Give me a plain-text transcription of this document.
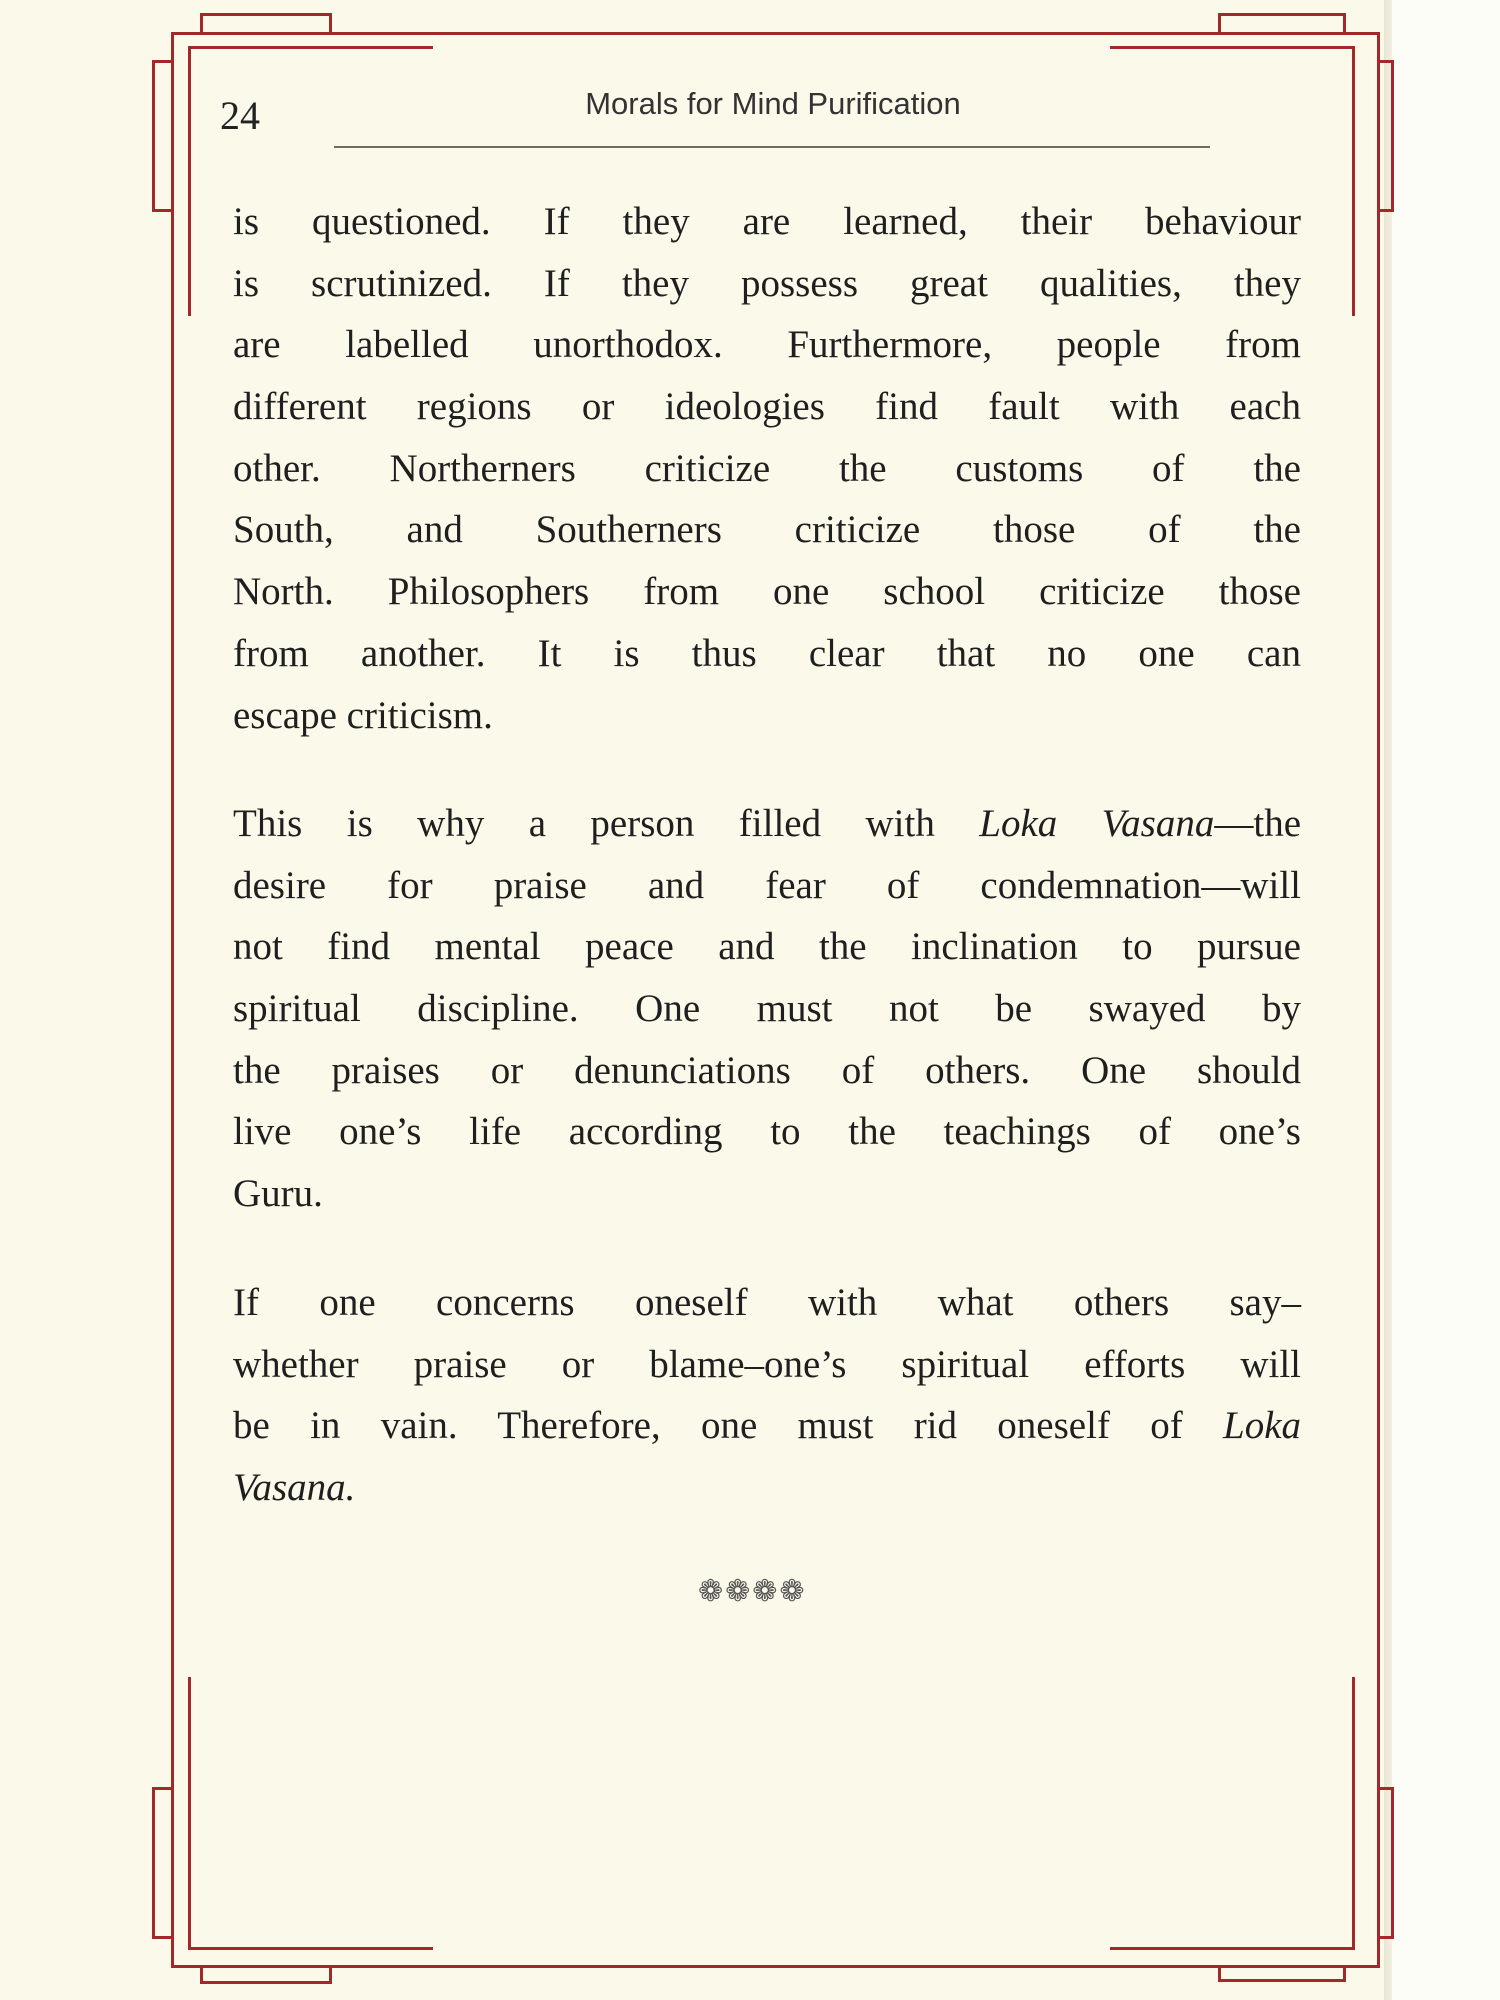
24	Morals for Mind Purification
is questioned. If they are learned, their behaviour
is scrutinized. If they possess great qualities, they
are labelled unorthodox. Furthermore, people from
different regions or ideologies find fault with each
other. Northerners criticize the customs of the
South, and Southerners criticize those of the
North. Philosophers from one school criticize those
from another. It is thus clear that no one can
escape criticism.
This is why a person filled with Loka Vasana—the
desire for praise and fear of condemnation—will
not find mental peace and the inclination to pursue
spiritual discipline. One must not be swayed by
the praises or denunciations of others. One should
live one’s life according to the teachings of one’s
Guru.
If one concerns oneself with what others say–
whether praise or blame–one’s spiritual efforts will
be in vain. Therefore, one must rid oneself of Loka
Vasana.
❁ ❁ ❁ ❁
